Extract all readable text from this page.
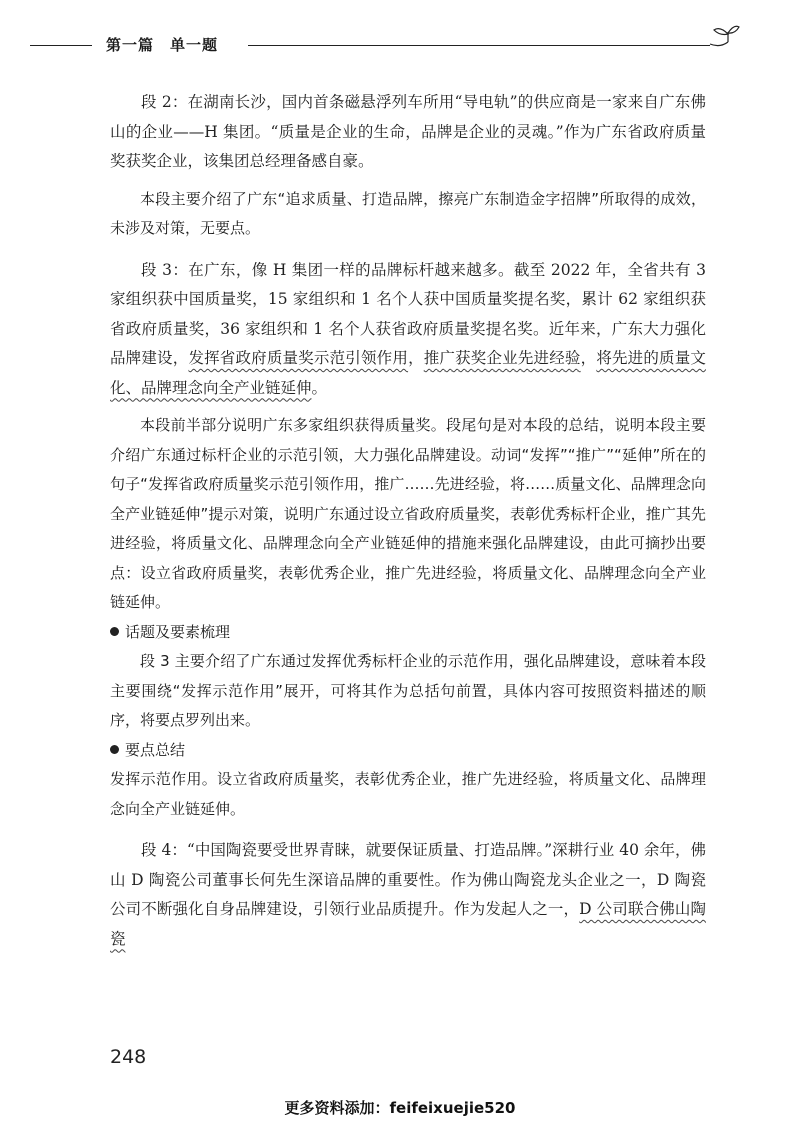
第一篇　单一题

段 2：在湖南长沙，国内首条磁悬浮列车所用“导电轨”的供应商是一家来自广东佛山的企业——H 集团。“质量是企业的生命，品牌是企业的灵魂。”作为广东省政府质量奖获奖企业，该集团总经理备感自豪。

本段主要介绍了广东“追求质量、打造品牌，擦亮广东制造金字招牌”所取得的成效，未涉及对策，无要点。

段 3：在广东，像 H 集团一样的品牌标杆越来越多。截至 2022 年，全省共有 3 家组织获中国质量奖，15 家组织和 1 名个人获中国质量奖提名奖，累计 62 家组织获省政府质量奖，36 家组织和 1 名个人获省政府质量奖提名奖。近年来，广东大力强化品牌建设，发挥省政府质量奖示范引领作用，推广获奖企业先进经验，将先进的质量文化、品牌理念向全产业链延伸。

本段前半部分说明广东多家组织获得质量奖。段尾句是对本段的总结，说明本段主要介绍广东通过标杆企业的示范引领，大力强化品牌建设。动词“发挥”“推广”“延伸”所在的句子“发挥省政府质量奖示范引领作用，推广……先进经验，将……质量文化、品牌理念向全产业链延伸”提示对策，说明广东通过设立省政府质量奖，表彰优秀标杆企业，推广其先进经验，将质量文化、品牌理念向全产业链延伸的措施来强化品牌建设，由此可摘抄出要点：设立省政府质量奖，表彰优秀企业，推广先进经验，将质量文化、品牌理念向全产业链延伸。

话题及要素梳理

段 3 主要介绍了广东通过发挥优秀标杆企业的示范作用，强化品牌建设，意味着本段主要围绕“发挥示范作用”展开，可将其作为总括句前置，具体内容可按照资料描述的顺序，将要点罗列出来。

要点总结

发挥示范作用。设立省政府质量奖，表彰优秀企业，推广先进经验，将质量文化、品牌理念向全产业链延伸。

段 4：“中国陶瓷要受世界青睐，就要保证质量、打造品牌。”深耕行业 40 余年，佛山 D 陶瓷公司董事长何先生深谙品牌的重要性。作为佛山陶瓷龙头企业之一，D 陶瓷公司不断强化自身品牌建设，引领行业品质提升。作为发起人之一，D 公司联合佛山陶瓷

248
更多资料添加：feifeixuejie520
